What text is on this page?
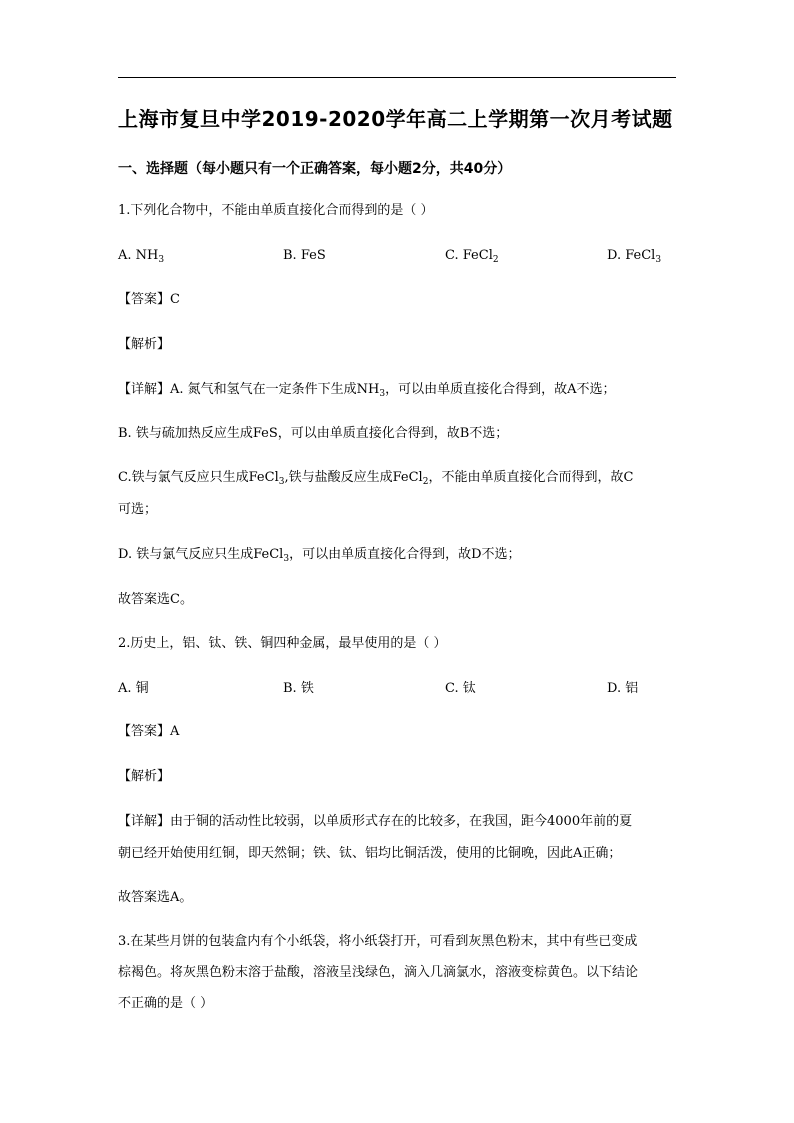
上海市复旦中学2019-2020学年高二上学期第一次月考试题
一、选择题（每小题只有一个正确答案，每小题2分，共40分）
1.下列化合物中，不能由单质直接化合而得到的是（ ）
A. $NH_3$	B. FeS	C. FeCl$_2$	D. FeCl$_3$
【答案】C
【解析】
【详解】A. 氮气和氢气在一定条件下生成$NH_3$，可以由单质直接化合得到，故A不选；
B. 铁与硫加热反应生成FeS，可以由单质直接化合得到，故B不选；
C.铁与氯气反应只生成FeCl$_3$,铁与盐酸反应生成FeCl$_2$，不能由单质直接化合而得到，故C
可选；
D. 铁与氯气反应只生成FeCl$_3$，可以由单质直接化合得到，故D不选；
故答案选C。
2.历史上，铝、钛、铁、铜四种金属，最早使用的是（ ）
A. 铜	B. 铁	C. 钛	D. 铝
【答案】A
【解析】
【详解】由于铜的活动性比较弱，以单质形式存在的比较多，在我国，距今4000年前的夏
朝已经开始使用红铜，即天然铜；铁、钛、铝均比铜活泼，使用的比铜晚，因此A正确；
故答案选A。
3.在某些月饼的包装盒内有个小纸袋，将小纸袋打开，可看到灰黑色粉末，其中有些已变成
棕褐色。将灰黑色粉末溶于盐酸，溶液呈浅绿色，滴入几滴氯水，溶液变棕黄色。以下结论
不正确的是（ ）
